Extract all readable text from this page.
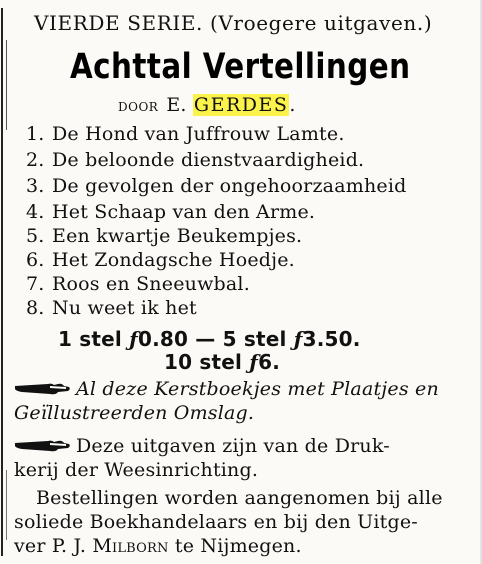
VIERDE SERIE. (Vroegere uitgaven.)
Achttal Vertellingen
DOOR E. GERDES.
1. De Hond van Juffrouw Lamte.
2. De beloonde dienstvaardigheid.
3. De gevolgen der ongehoorzaamheid
4. Het Schaap van den Arme.
5. Een kwartje Beukempjes.
6. Het Zondagsche Hoedje.
7. Roos en Sneeuwbal.
8. Nu weet ik het
1 stel ƒ0.80 — 5 stel ƒ3.50.
10 stel ƒ6.
Al deze Kerstboekjes met Plaatjes en
Geïllustreerden Omslag.
Deze uitgaven zijn van de Druk-
kerij der Weesinrichting.
Bestellingen worden aangenomen bij alle
soliede Boekhandelaars en bij den Uitge-
ver P. J. Milborn te Nijmegen.
